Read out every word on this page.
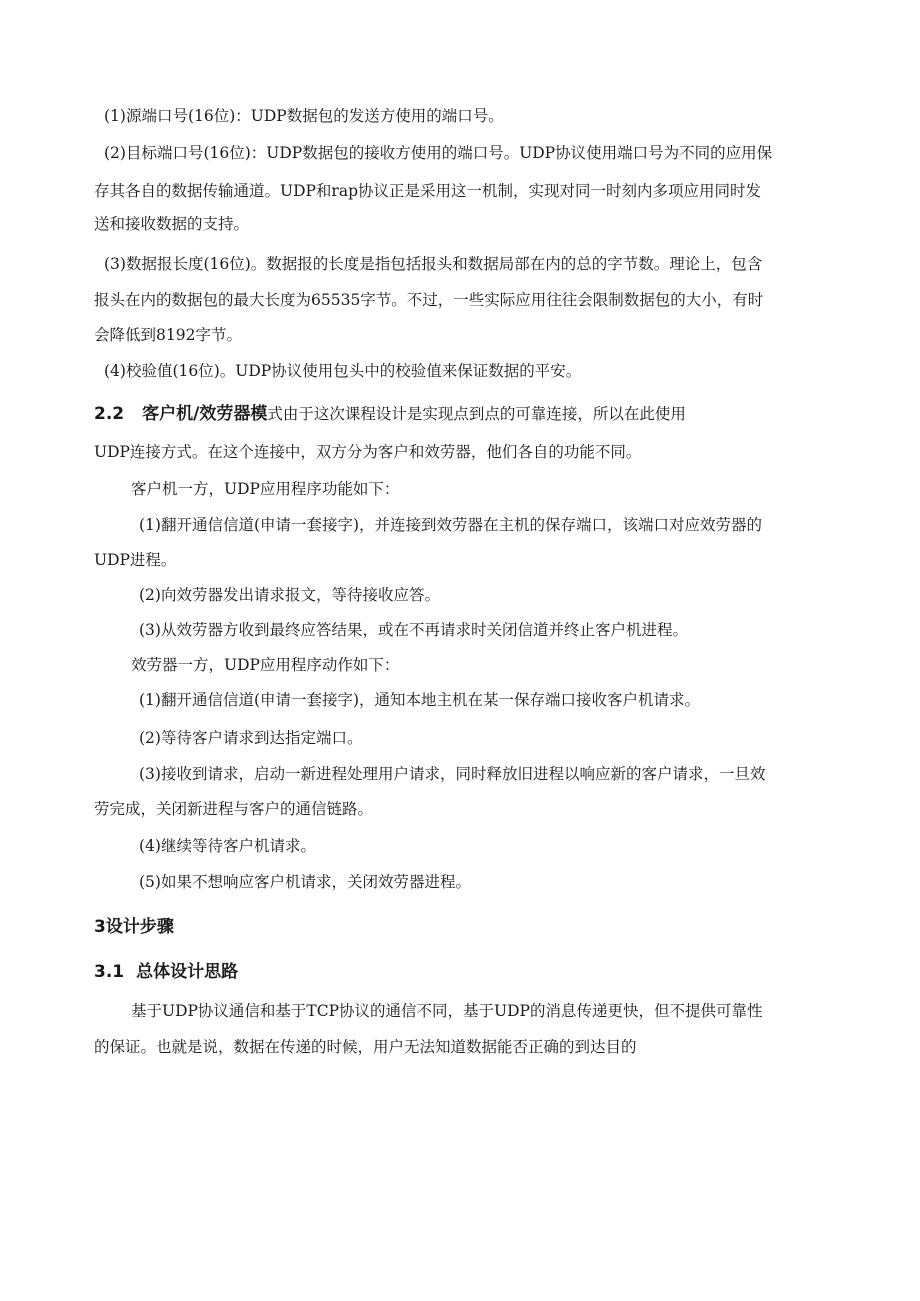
(1)源端口号(16位)：UDP数据包的发送方使用的端口号。
(2)目标端口号(16位)：UDP数据包的接收方使用的端口号。UDP协议使用端口号为不同的应用保
存其各自的数据传输通道。UDP和rap协议正是采用这一机制，实现对同一时刻内多项应用同时发
送和接收数据的支持。
(3)数据报长度(16位)。数据报的长度是指包括报头和数据局部在内的总的字节数。理论上，包含
报头在内的数据包的最大长度为65535字节。不过，一些实际应用往往会限制数据包的大小，有时
会降低到8192字节。
(4)校验值(16位)。UDP协议使用包头中的校验值来保证数据的平安。
2.2 客户机/效劳器模式由于这次课程设计是实现点到点的可靠连接，所以在此使用
UDP连接方式。在这个连接中，双方分为客户和效劳器，他们各自的功能不同。
客户机一方，UDP应用程序功能如下：
(1)翻开通信信道(申请一套接字)，并连接到效劳器在主机的保存端口，该端口对应效劳器的
UDP进程。
(2)向效劳器发出请求报文，等待接收应答。
(3)从效劳器方收到最终应答结果，或在不再请求时关闭信道并终止客户机进程。
效劳器一方，UDP应用程序动作如下：
(1)翻开通信信道(申请一套接字)，通知本地主机在某一保存端口接收客户机请求。
(2)等待客户请求到达指定端口。
(3)接收到请求，启动一新进程处理用户请求，同时释放旧进程以响应新的客户请求，一旦效
劳完成，关闭新进程与客户的通信链路。
(4)继续等待客户机请求。
(5)如果不想响应客户机请求，关闭效劳器进程。
3设计步骤
3.1 总体设计思路
基于UDP协议通信和基于TCP协议的通信不同，基于UDP的消息传递更快，但不提供可靠性
的保证。也就是说，数据在传递的时候，用户无法知道数据能否正确的到达目的
